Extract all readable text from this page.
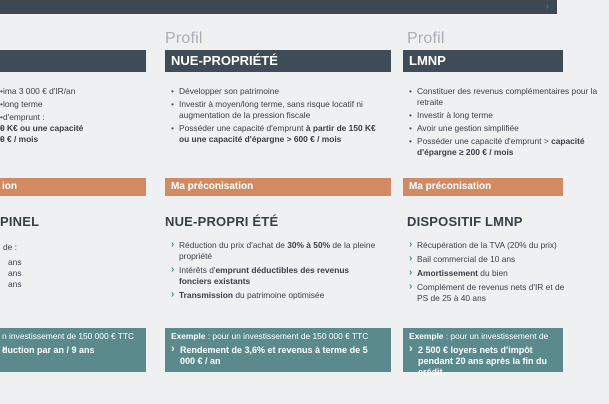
›
• ima 3 000 € d'IR/an
• long terme
• d'emprunt :
• 0 K€ ou une capacité
• 0 € / mois
ion
PINEL
de :
ans
ans
ans
n investissement de 150 000 € TTC
› duction par an / 9 ans
Profil
NUE-PROPRIÉTÉ
• Développer son patrimoine
• Investir à moyen/long terme, sans risque locatif ni augmentation de la pression fiscale
• Posséder une capacité d'emprunt à partir de 150 K€ ou une capacité d'épargne > 600 € / mois
Ma préconisation
NUE-PROPRI ÉTÉ
› Réduction du prix d'achat de 30% à 50% de la pleine propriété
› Intérêts d'emprunt déductibles des revenus fonciers existants
› Transmission du patrimoine optimisée
Exemple : pour un investissement de 150 000 € TTC
› Rendement de 3,6% et revenus à terme de 5 000 € / an
Profil
LMNP
• Constituer des revenus complémentaires pour la retraite
• Investir à long terme
• Avoir une gestion simplifiée
• Posséder une capacité d'emprunt > capacité d'épargne ≥ 200 € / mois
Ma préconisation
DISPOSITIF LMNP
› Récupération de la TVA (20% du prix)
› Bail commercial de 10 ans
› Amortissement du bien
› Complément de revenus nets d'IR et de PS de 25 à 40 ans
Exemple : pour un investissement de
› 2 500 € loyers nets d'impôt pendant 20 ans après la fin du crédit
